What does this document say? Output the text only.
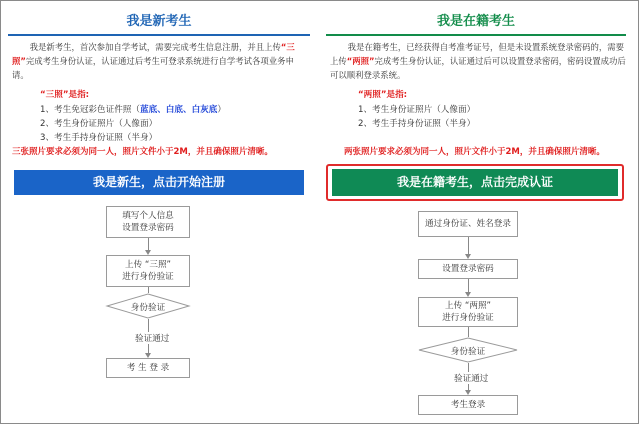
我是新考生

我是新考生，首次参加自学考试，需要完成考生信息注册，并且上传“三照”完成考生身份认证，认证通过后考生可登录系统进行自学考试各项业务申请。

“三照”是指:
1、考生免冠彩色证件照（蓝底、白底、白灰底）
2、考生身份证照片（人像面）
3、考生手持身份证照（半身）
三张照片要求必须为同一人，照片文件小于2M，并且确保照片清晰。
我是新生，点击开始注册
填写个人信息
设置登录密码
上传 “三照”
进行身份验证
身份验证
验证通过
考 生 登 录
我是在籍考生

我是在籍考生，已经获得自考准考证号，但是未设置系统登录密码的，需要上传“两照”完成考生身份认证，认证通过后可以设置登录密码，密码设置成功后可以顺利登录系统。

“两照”是指:
1、考生身份证照片（人像面）
2、考生手持身份证照（半身）
两张照片要求必须为同一人，照片文件小于2M，并且确保照片清晰。
我是在籍考生，点击完成认证
通过身份证、姓名登录
设置登录密码
上传 “两照”
进行身份验证
身份验证
验证通过
考生登录
